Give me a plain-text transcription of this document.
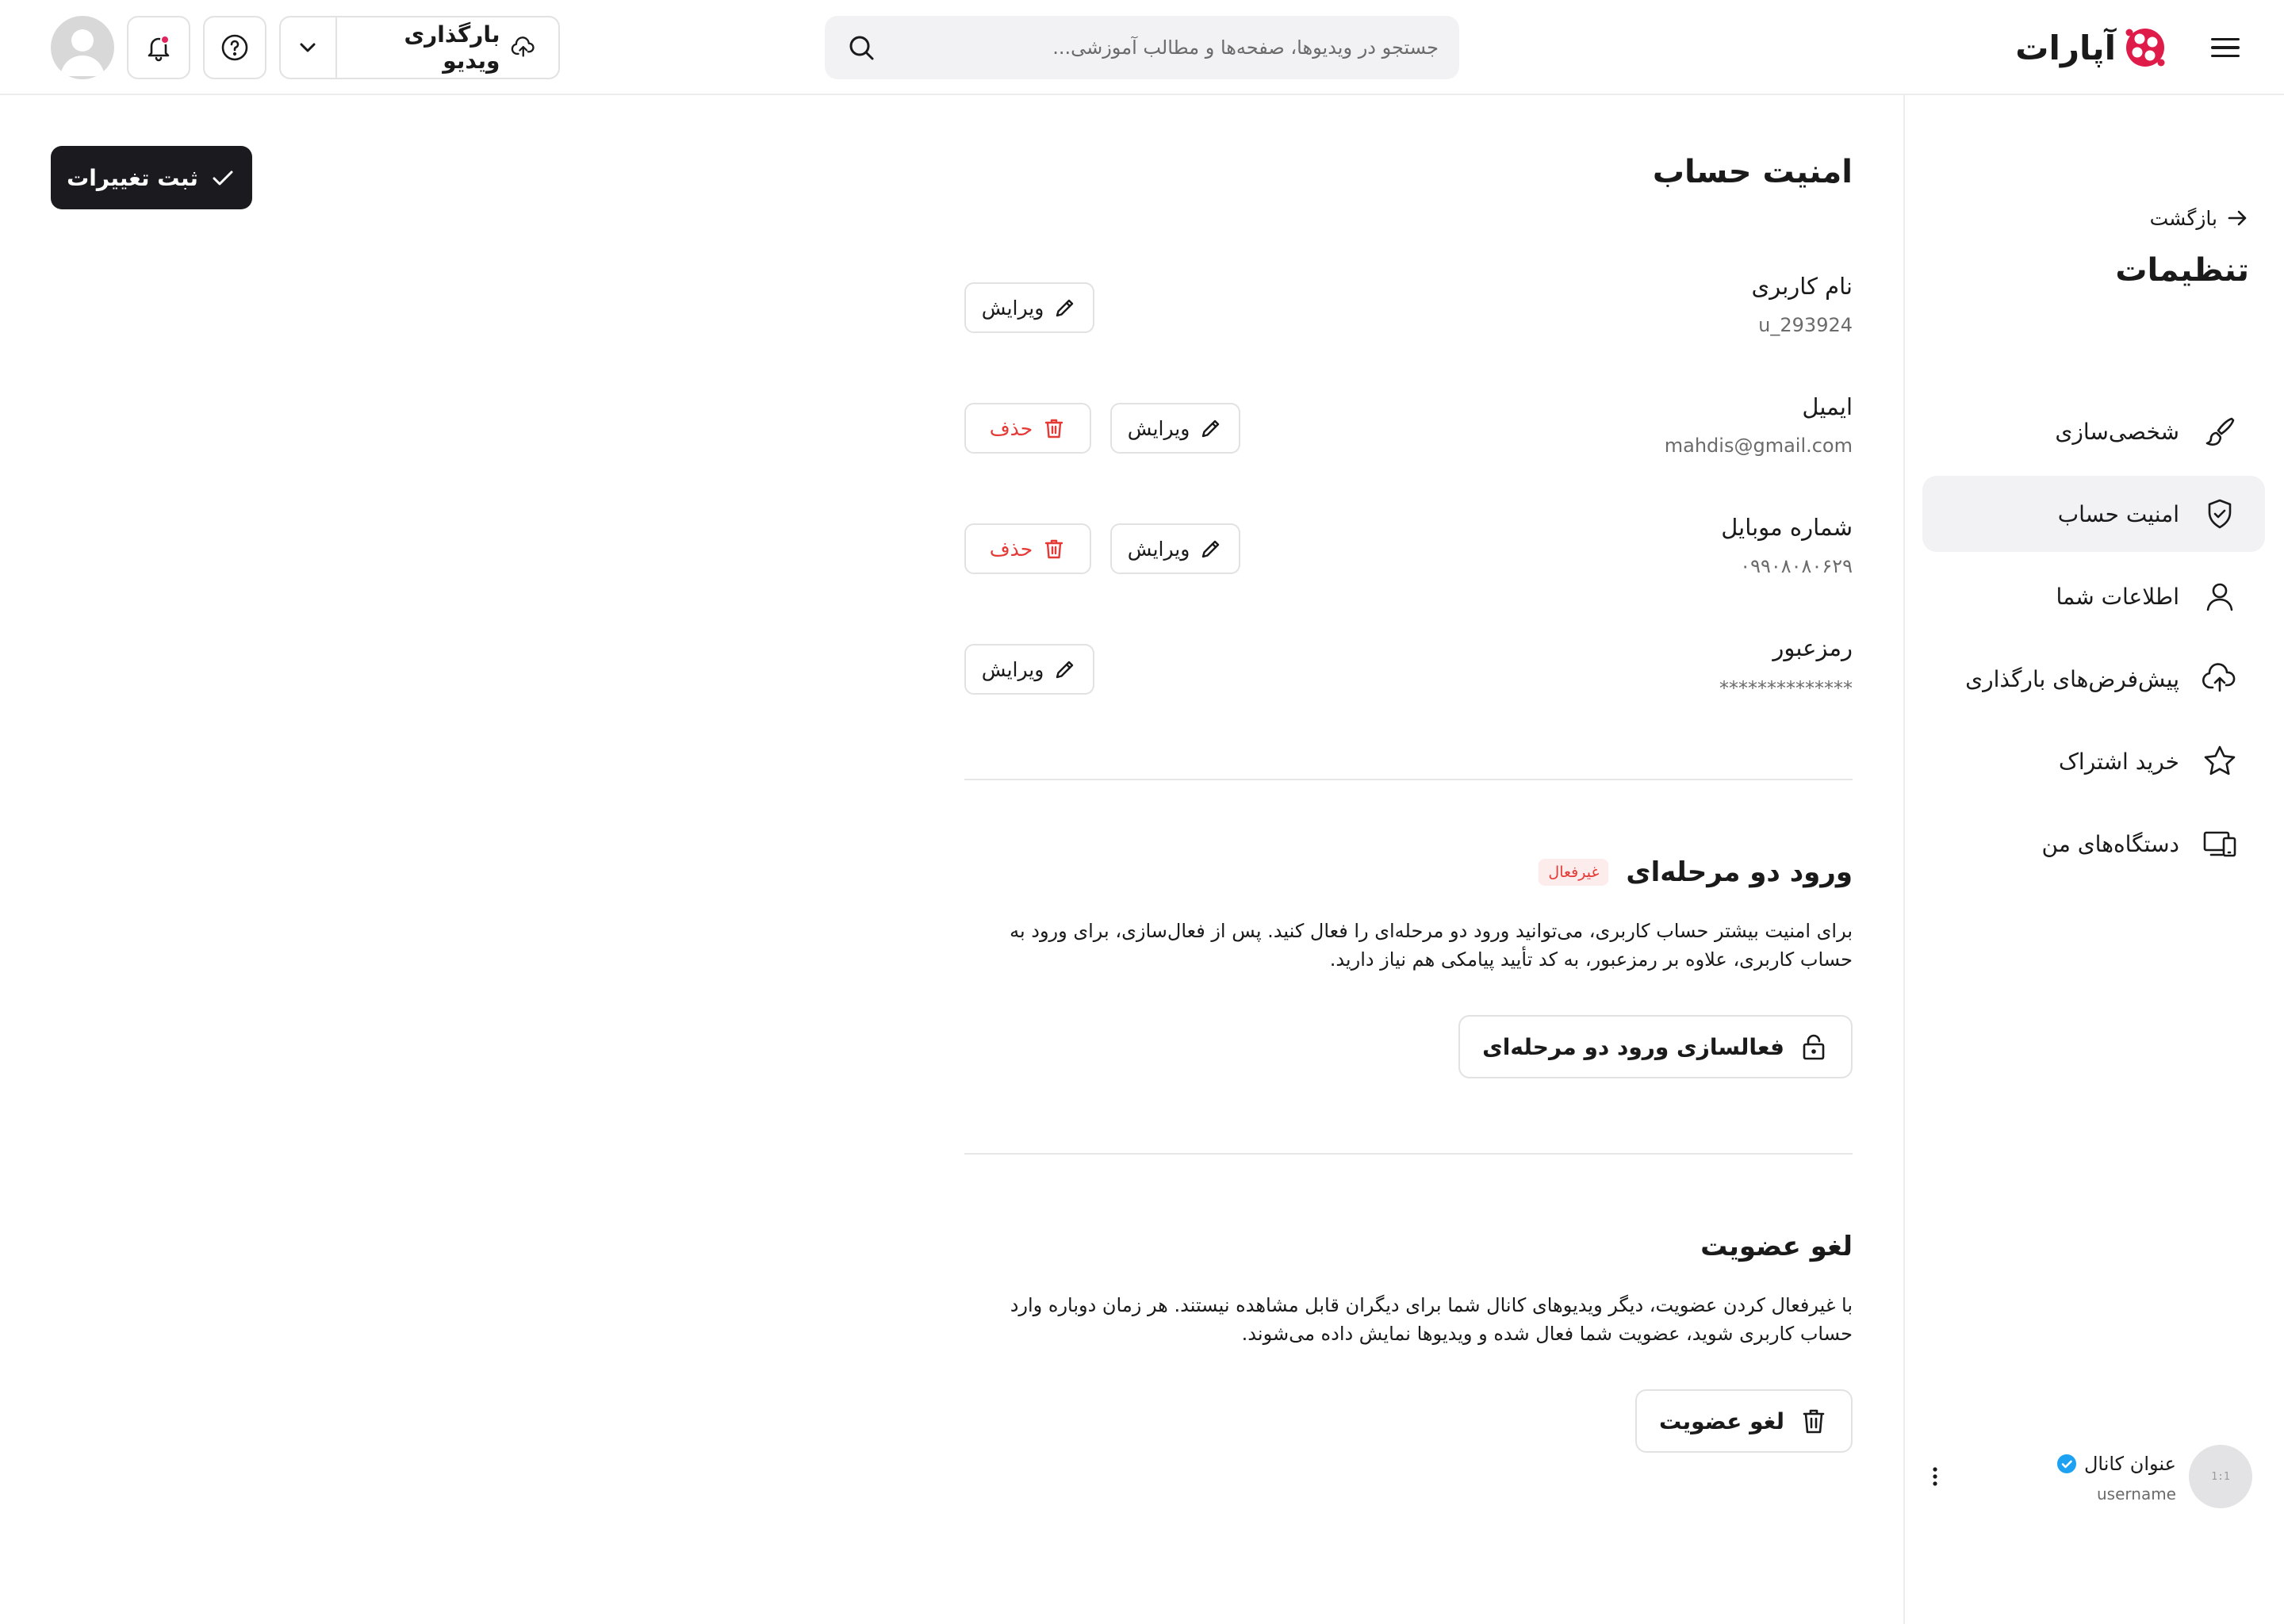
آپارات
جستجو در ویدیوها، صفحه‌ها و مطالب آموزشی...
بارگذاری ویدیو
بازگشت
تنظیمات
شخصی‌سازی
امنیت حساب
اطلاعات شما
پیش‌فرض‌های بارگذاری
خرید اشتراک
دستگاه‌های من
1:1
عنوان کانال
username
ثبت تغییرات	امنیت حساب
نام کاربری
u_293924
ویرایش
ایمیل
mahdis@gmail.com
ویرایش
حذف
شماره موبایل
۰۹۹۰۸۰۸۰۶۲۹
ویرایش
حذف
رمزعبور
**************
ویرایش
ورود دو مرحله‌ای
غیرفعال
برای امنیت بیشتر حساب کاربری، می‌توانید ورود دو مرحله‌ای را فعال کنید. پس از فعال‌سازی، برای ورود به حساب کاربری، علاوه بر رمزعبور، به کد تأیید پیامکی هم نیاز دارید.
فعالسازی ورود دو مرحله‌ای
لغو عضویت
با غیرفعال کردن عضویت، دیگر ویدیوهای کانال شما برای دیگران قابل مشاهده نیستند. هر زمان دوباره وارد حساب کاربری شوید، عضویت شما فعال شده و ویدیوها نمایش داده می‌شوند.
لغو عضویت
